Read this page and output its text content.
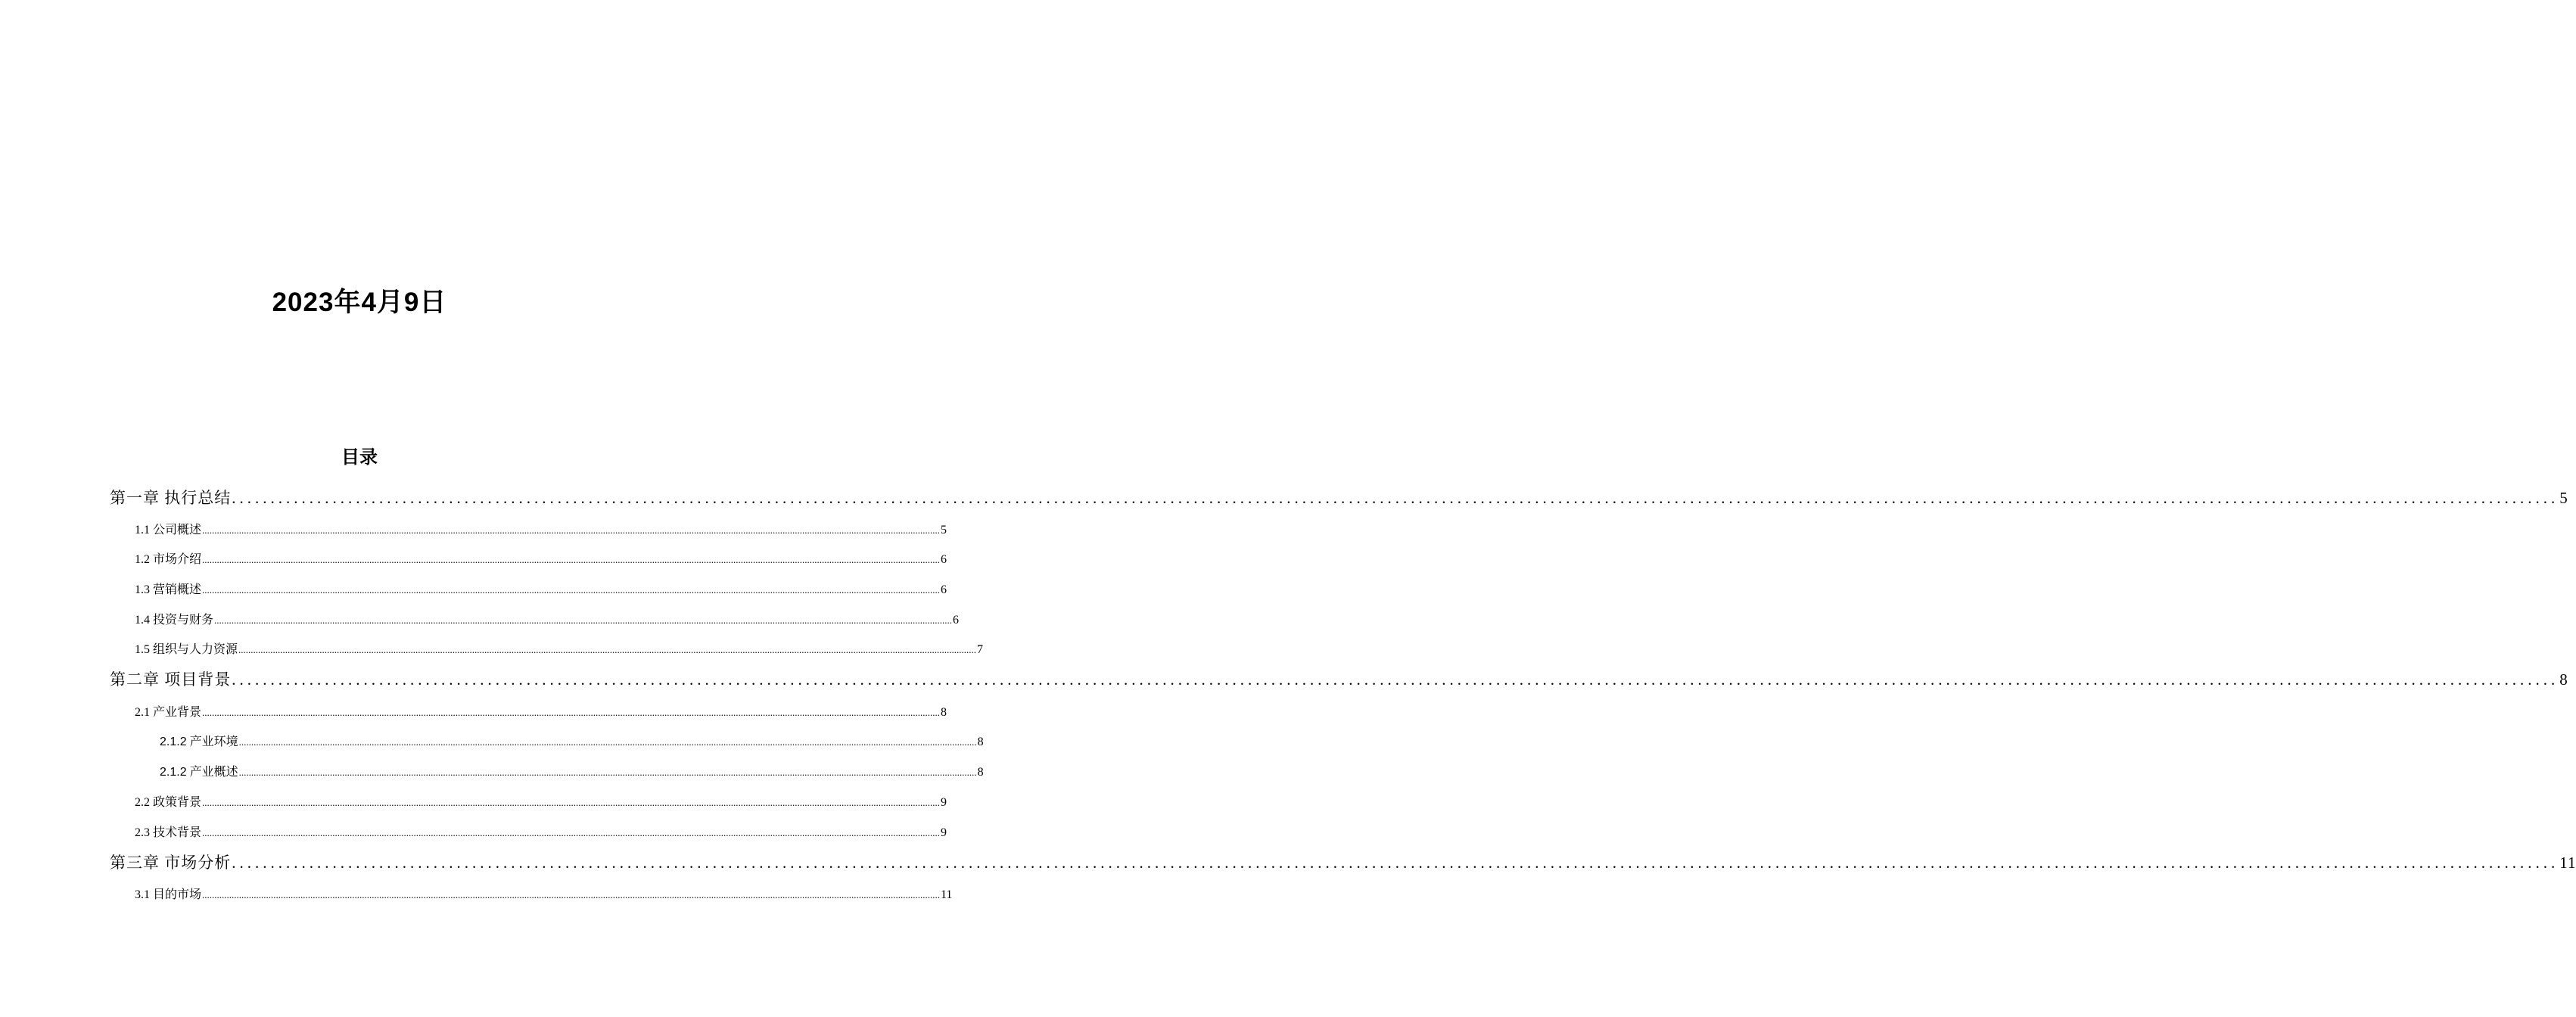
2023年4月9日
目录
第一章 执行总结 ............................................................................................................................................................................................................................................................................................................ 5
1.1 公司概述 ............................................................................................................................................................................................................................................................................................................ 5
1.2 市场介绍 ............................................................................................................................................................................................................................................................................................................ 6
1.3 营销概述 ............................................................................................................................................................................................................................................................................................................ 6
1.4 投资与财务 ............................................................................................................................................................................................................................................................................................................ 6
1.5 组织与人力资源 ............................................................................................................................................................................................................................................................................................................ 7
第二章 项目背景 ............................................................................................................................................................................................................................................................................................................ 8
2.1 产业背景 ............................................................................................................................................................................................................................................................................................................ 8
2.1.2 产业环境 ............................................................................................................................................................................................................................................................................................................ 8
2.1.2 产业概述 ............................................................................................................................................................................................................................................................................................................ 8
2.2 政策背景 ............................................................................................................................................................................................................................................................................................................ 9
2.3 技术背景 ............................................................................................................................................................................................................................................................................................................ 9
第三章 市场分析 ............................................................................................................................................................................................................................................................................................................ 11
3.1 目的市场 ............................................................................................................................................................................................................................................................................................................ 11
